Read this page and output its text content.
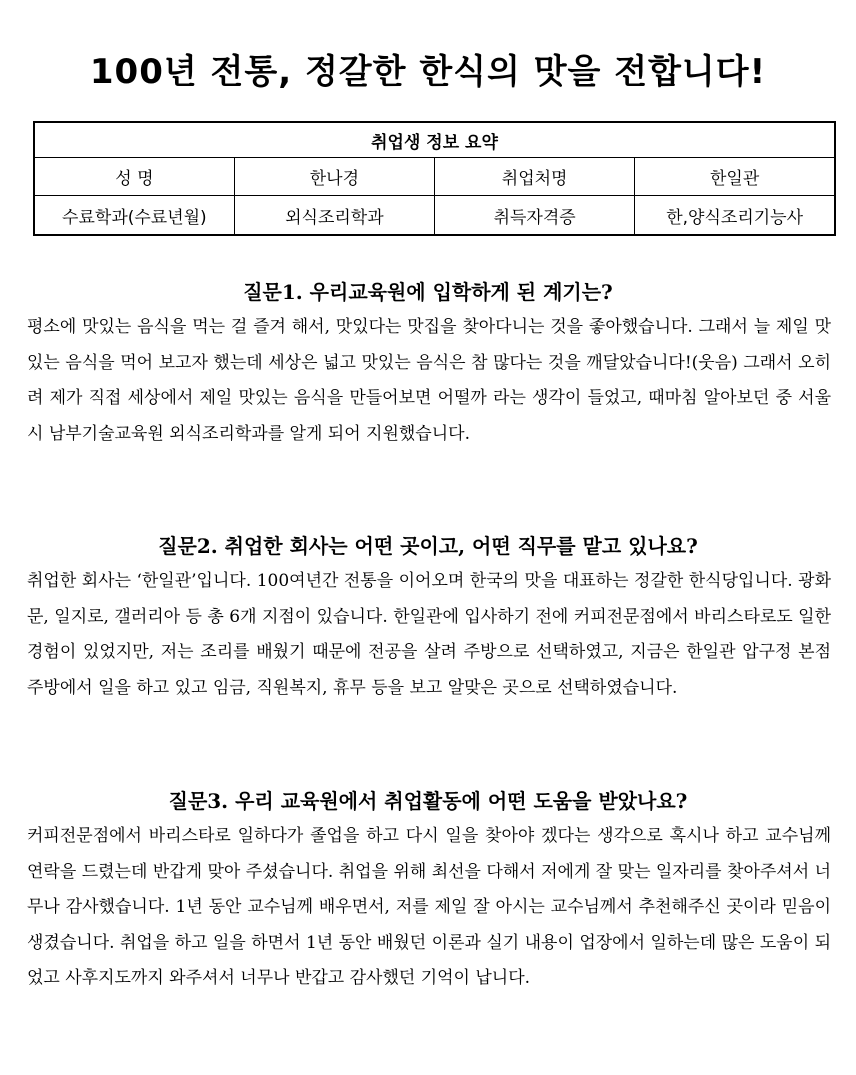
100년 전통, 정갈한 한식의 맛을 전합니다!
취업생 정보 요약			
성 명	한나경	취업처명	한일관
수료학과(수료년월)	외식조리학과	취득자격증	한,양식조리기능사
질문1. 우리교육원에 입학하게 된 계기는?

평소에 맛있는 음식을 먹는 걸 즐겨 해서, 맛있다는 맛집을 찾아다니는 것을 좋아했습니다. 그래서 늘 제일 맛있는 음식을 먹어 보고자 했는데 세상은 넓고 맛있는 음식은 참 많다는 것을 깨달았습니다!(웃음) 그래서 오히려 제가 직접 세상에서 제일 맛있는 음식을 만들어보면 어떨까 라는 생각이 들었고, 때마침 알아보던 중 서울시 남부기술교육원 외식조리학과를 알게 되어 지원했습니다.

질문2. 취업한 회사는 어떤 곳이고, 어떤 직무를 맡고 있나요?

취업한 회사는 ‘한일관’입니다. 100여년간 전통을 이어오며 한국의 맛을 대표하는 정갈한 한식당입니다. 광화문, 일지로, 갤러리아 등 총 6개 지점이 있습니다. 한일관에 입사하기 전에 커피전문점에서 바리스타로도 일한 경험이 있었지만, 저는 조리를 배웠기 때문에 전공을 살려 주방으로 선택하였고, 지금은 한일관 압구정 본점 주방에서 일을 하고 있고 임금, 직원복지, 휴무 등을 보고 알맞은 곳으로 선택하였습니다.

질문3. 우리 교육원에서 취업활동에 어떤 도움을 받았나요?

커피전문점에서 바리스타로 일하다가 졸업을 하고 다시 일을 찾아야 겠다는 생각으로 혹시나 하고 교수님께 연락을 드렸는데 반갑게 맞아 주셨습니다. 취업을 위해 최선을 다해서 저에게 잘 맞는 일자리를 찾아주셔서 너무나 감사했습니다. 1년 동안 교수님께 배우면서, 저를 제일 잘 아시는 교수님께서 추천해주신 곳이라 믿음이 생겼습니다. 취업을 하고 일을 하면서 1년 동안 배웠던 이론과 실기 내용이 업장에서 일하는데 많은 도움이 되었고 사후지도까지 와주셔서 너무나 반갑고 감사했던 기억이 납니다.
